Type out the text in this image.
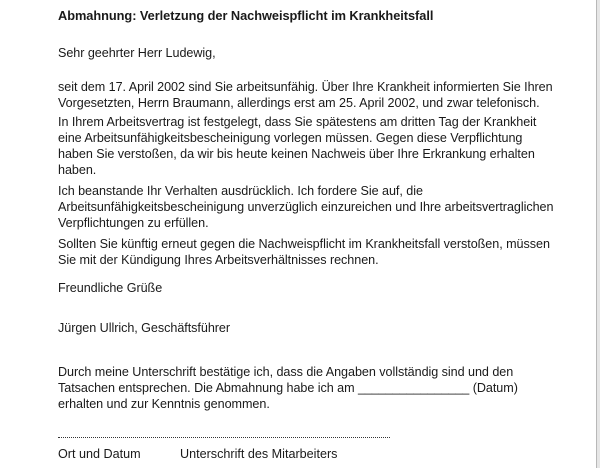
Abmahnung: Verletzung der Nachweispflicht im Krankheitsfall
Sehr geehrter Herr Ludewig,
seit dem 17. April 2002 sind Sie arbeitsunfähig. Über Ihre Krankheit informierten Sie Ihren
Vorgesetzten, Herrn Braumann, allerdings erst am 25. April 2002, und zwar telefonisch.
In Ihrem Arbeitsvertrag ist festgelegt, dass Sie spätestens am dritten Tag der Krankheit
eine Arbeitsunfähigkeitsbescheinigung vorlegen müssen. Gegen diese Verpflichtung
haben Sie verstoßen, da wir bis heute keinen Nachweis über Ihre Erkrankung erhalten
haben.
Ich beanstande Ihr Verhalten ausdrücklich. Ich fordere Sie auf, die
Arbeitsunfähigkeitsbescheinigung unverzüglich einzureichen und Ihre arbeitsvertraglichen
Verpflichtungen zu erfüllen.
Sollten Sie künftig erneut gegen die Nachweispflicht im Krankheitsfall verstoßen, müssen
Sie mit der Kündigung Ihres Arbeitsverhältnisses rechnen.
Freundliche Grüße
Jürgen Ullrich, Geschäftsführer
Durch meine Unterschrift bestätige ich, dass die Angaben vollständig sind und den
Tatsachen entsprechen. Die Abmahnung habe ich am ________________ (Datum)
erhalten und zur Kenntnis genommen.
Ort und Datum	Unterschrift des Mitarbeiters
